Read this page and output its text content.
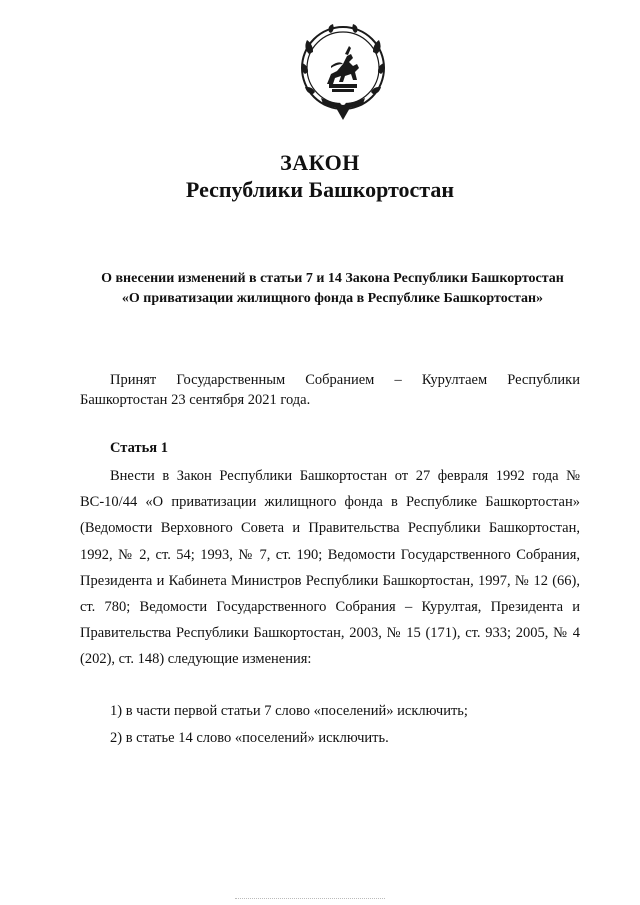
ЗАКОН
Республики Башкортостан

О внесении изменений в статьи 7 и 14 Закона Республики Башкортостан

«О приватизации жилищного фонда в Республике Башкортостан»

Принят Государственным Собранием – Курултаем Республики Башкортостан 23 сентября 2021 года.

Статья 1

Внести в Закон Республики Башкортостан от 27 февраля 1992 года № ВС-10/44 «О приватизации жилищного фонда в Республике Башкортостан» (Ведомости Верховного Совета и Правительства Республики Башкортостан, 1992, № 2, ст. 54; 1993, № 7, ст. 190; Ведомости Государственного Собрания, Президента и Кабинета Министров Республики Башкортостан, 1997, № 12 (66), ст. 780; Ведомости Государственного Собрания – Курултая, Президента и Правительства Республики Башкортостан, 2003, № 15 (171), ст. 933; 2005, № 4 (202), ст. 148) следующие изменения:

1) в части первой статьи 7 слово «поселений» исключить;

2) в статье 14 слово «поселений» исключить.
